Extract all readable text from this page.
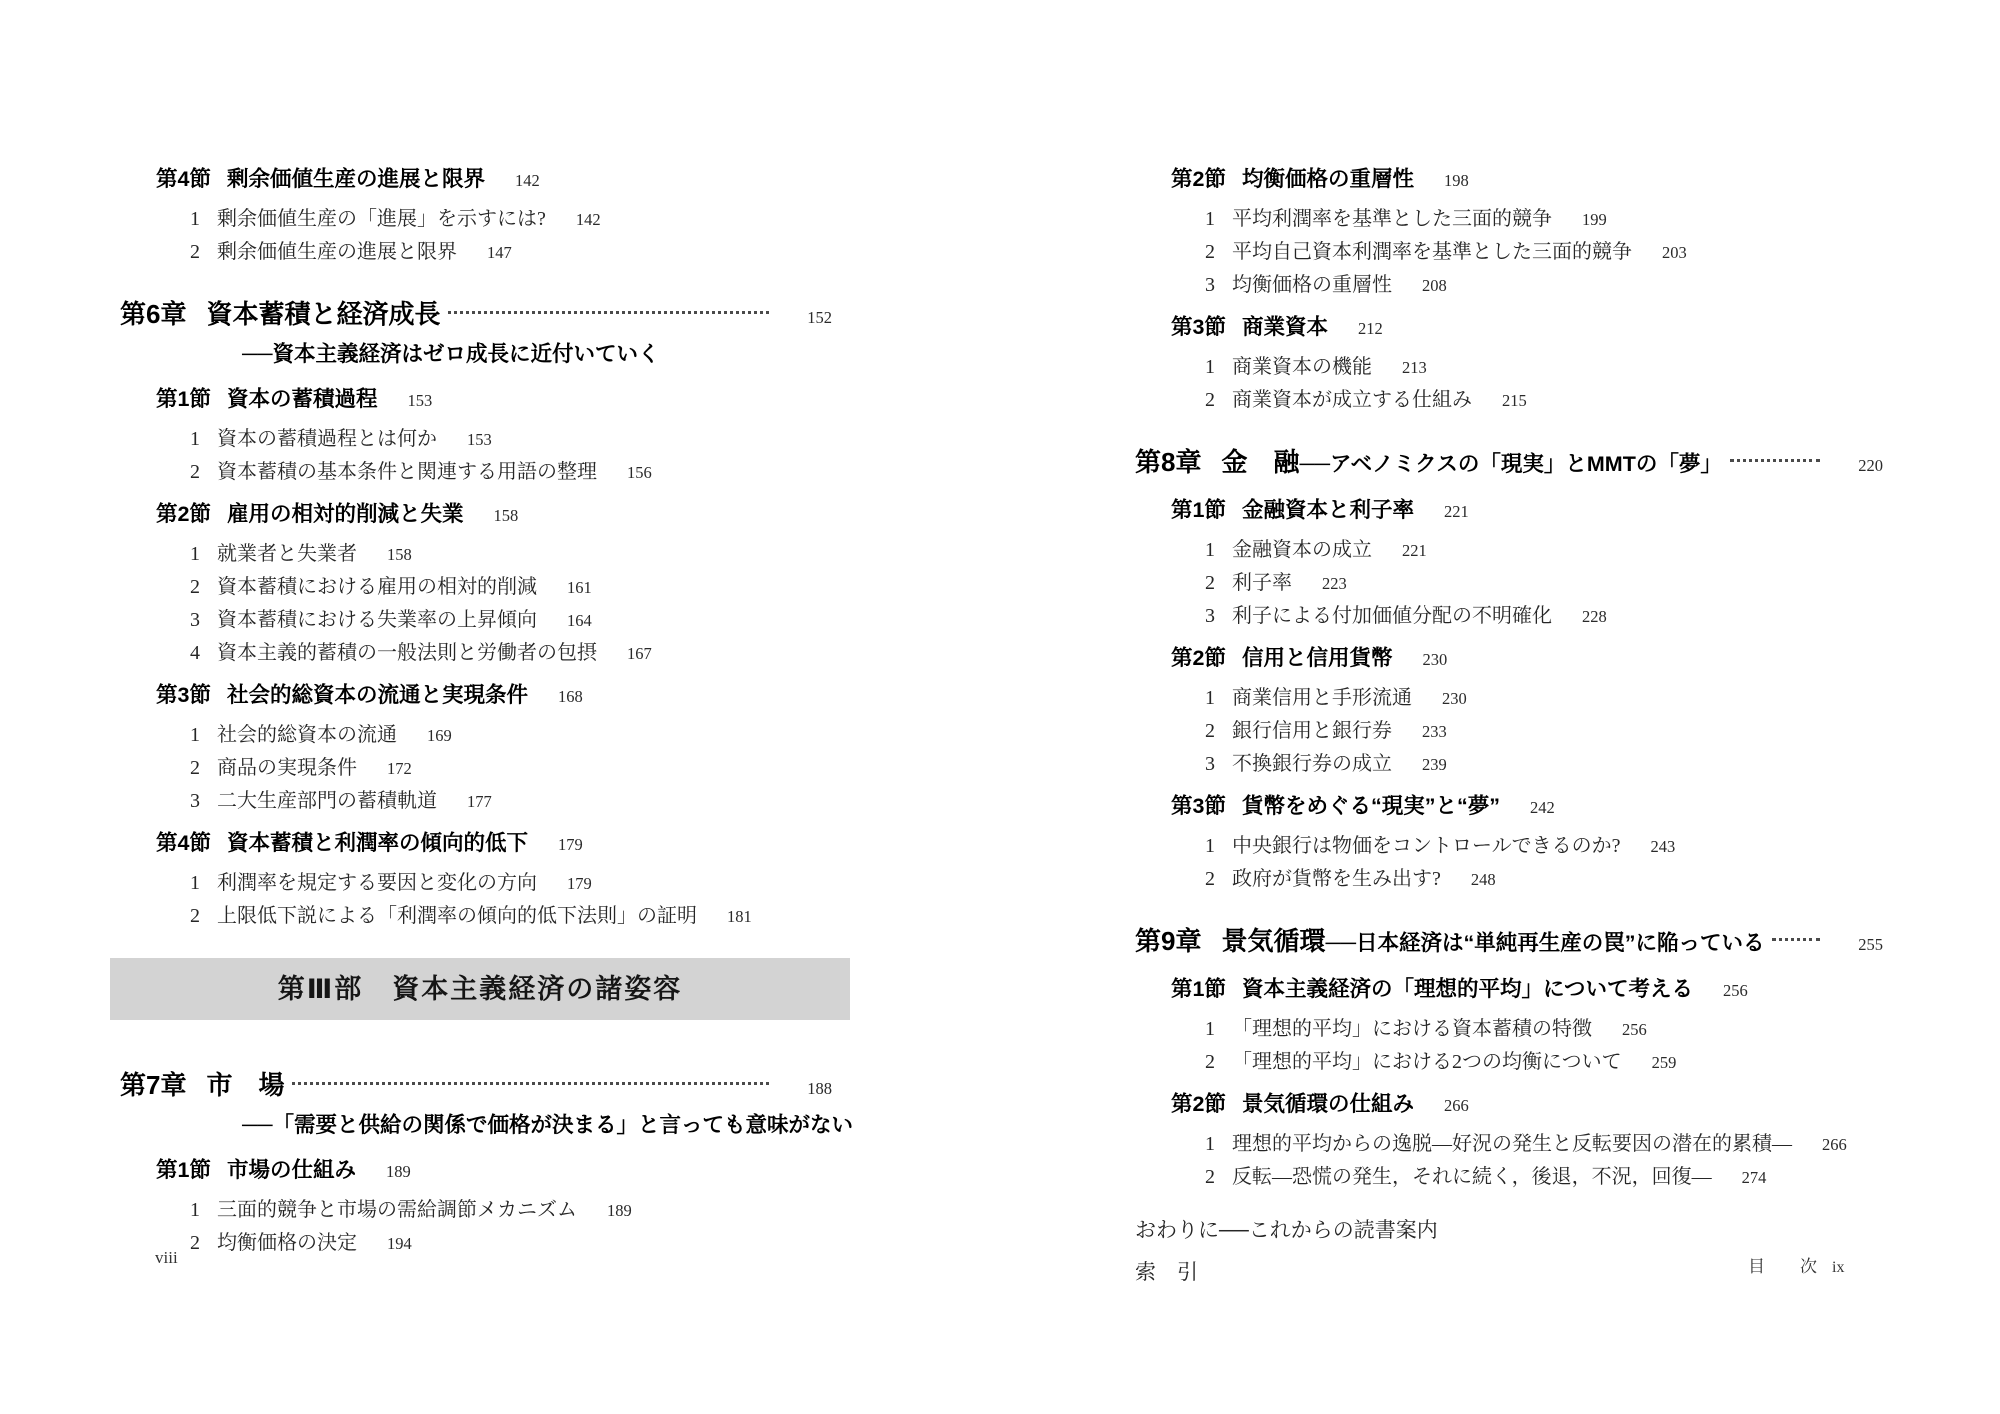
第4節 剰余価値生産の進展と限界 142
1 剰余価値生産の「進展」を示すには? 142
2 剰余価値生産の進展と限界 147
第6章 資本蓄積と経済成長	152
──資本主義経済はゼロ成長に近付いていく
第1節 資本の蓄積過程 153
1 資本の蓄積過程とは何か 153
2 資本蓄積の基本条件と関連する用語の整理 156
第2節 雇用の相対的削減と失業 158
1 就業者と失業者 158
2 資本蓄積における雇用の相対的削減 161
3 資本蓄積における失業率の上昇傾向 164
4 資本主義的蓄積の一般法則と労働者の包摂 167
第3節 社会的総資本の流通と実現条件 168
1 社会的総資本の流通 169
2 商品の実現条件 172
3 二大生産部門の蓄積軌道 177
第4節 資本蓄積と利潤率の傾向的低下 179
1 利潤率を規定する要因と変化の方向 179
2 上限低下説による「利潤率の傾向的低下法則」の証明 181
第Ⅲ部　資本主義経済の諸姿容
第7章 市　場	188
──「需要と供給の関係で価格が決まる」と言っても意味がない
第1節 市場の仕組み 189
1 三面的競争と市場の需給調節メカニズム 189
2 均衡価格の決定 194
第2節 均衡価格の重層性 198
1 平均利潤率を基準とした三面的競争 199
2 平均自己資本利潤率を基準とした三面的競争 203
3 均衡価格の重層性 208
第3節 商業資本 212
1 商業資本の機能 213
2 商業資本が成立する仕組み 215
第8章 金　融 ──アベノミクスの「現実」とMMTの「夢」	220
第1節 金融資本と利子率 221
1 金融資本の成立 221
2 利子率 223
3 利子による付加価値分配の不明確化 228
第2節 信用と信用貨幣 230
1 商業信用と手形流通 230
2 銀行信用と銀行券 233
3 不換銀行券の成立 239
第3節 貨幣をめぐる“現実”と“夢” 242
1 中央銀行は物価をコントロールできるのか? 243
2 政府が貨幣を生み出す? 248
第9章 景気循環 ──日本経済は“単純再生産の罠”に陥っている	255
第1節 資本主義経済の「理想的平均」について考える 256
1 「理想的平均」における資本蓄積の特徴 256
2 「理想的平均」における2つの均衡について 259
第2節 景気循環の仕組み 266
1 理想的平均からの逸脱―好況の発生と反転要因の潜在的累積― 266
2 反転―恐慌の発生，それに続く，後退，不況，回復― 274
おわりに──これからの読書案内
索　引
viii	目　次 ix
